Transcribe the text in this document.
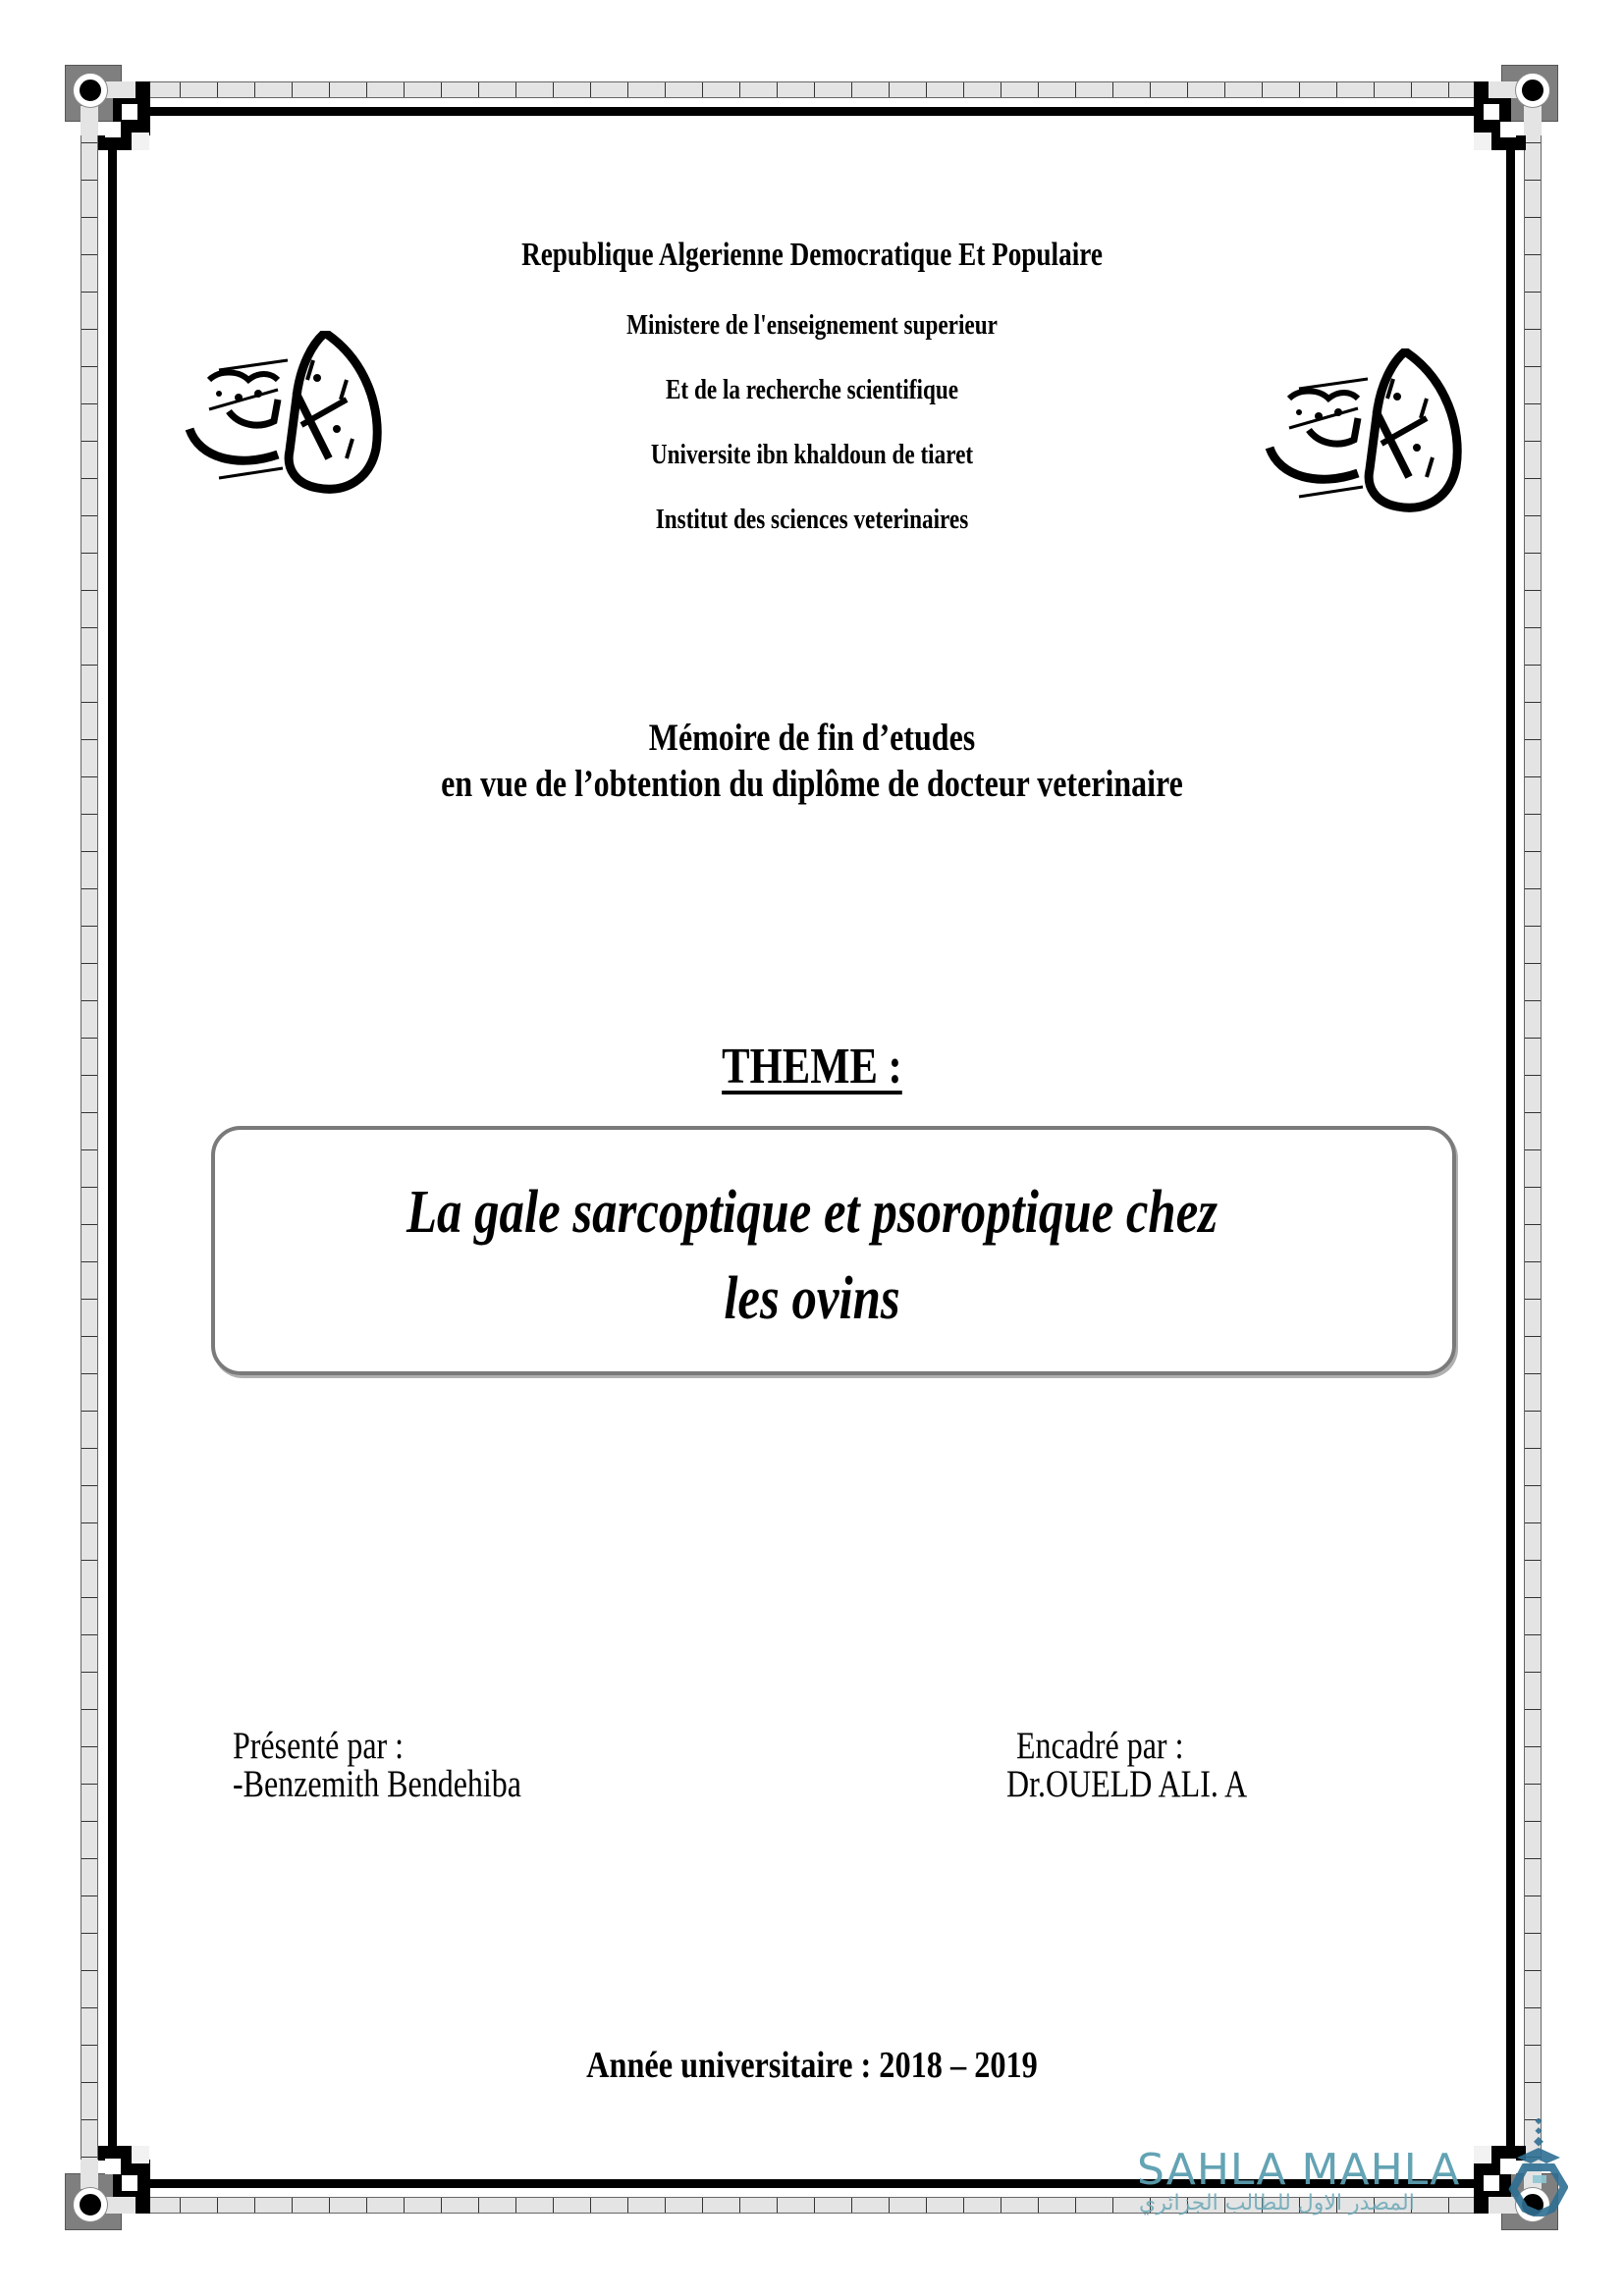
Republique Algerienne Democratique Et Populaire
Ministere de l'enseignement superieur
Et de la recherche scientifique
Universite ibn khaldoun de tiaret
Institut des sciences veterinaires
Mémoire de fin d’etudes
en vue de l’obtention du diplôme de docteur veterinaire
THEME :
La gale sarcoptique et psoroptique chez
les ovins
Présenté par :
-Benzemith Bendehiba
Encadré par :
Dr.OUELD ALI. A
Année universitaire : 2018 – 2019
SAHLA MAHLA
المصدر الاول للطالب الجزائري
